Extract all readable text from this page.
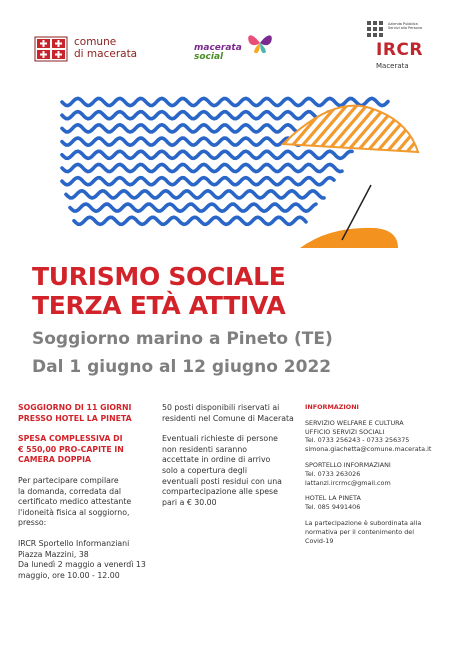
comune
di macerata	macerata
social
Azienda Pubblica Servizi alla Persona
IRCR
Macerata
TURISMO SOCIALE
TERZA ETÀ ATTIVA
Soggiorno marino a Pineto (TE)
Dal 1 giugno al 12 giugno 2022
SOGGIORNO DI 11 GIORNI
PRESSO HOTEL LA PINETA
SPESA COMPLESSIVA DI
€ 550,00 PRO-CAPITE IN
CAMERA DOPPIA
Per partecipare compilare
la domanda, corredata dal
certificato medico attestante
l'idoneità fisica al soggiorno,
presso:
IRCR Sportello Informanziani
Piazza Mazzini, 38
Da lunedì 2 maggio a venerdì 13
maggio, ore 10.00 - 12.00
50 posti disponibili riservati ai
residenti nel Comune di Macerata
Eventuali richieste di persone
non residenti saranno
accettate in ordine di arrivo
solo a copertura degli
eventuali posti residui con una
compartecipazione alle spese
pari a € 30.00
INFORMAZIONI
SERVIZIO WELFARE E CULTURA
UFFICIO SERVIZI SOCIALI
Tel. 0733 256243 - 0733 256375
simona.giachetta@comune.macerata.it
SPORTELLO INFORMAZIANI
Tel. 0733 263026
lattanzi.ircrmc@gmail.com
HOTEL LA PINETA
Tel. 085 9491406
La partecipazione è subordinata alla
normativa per il contenimento del
Covid-19
